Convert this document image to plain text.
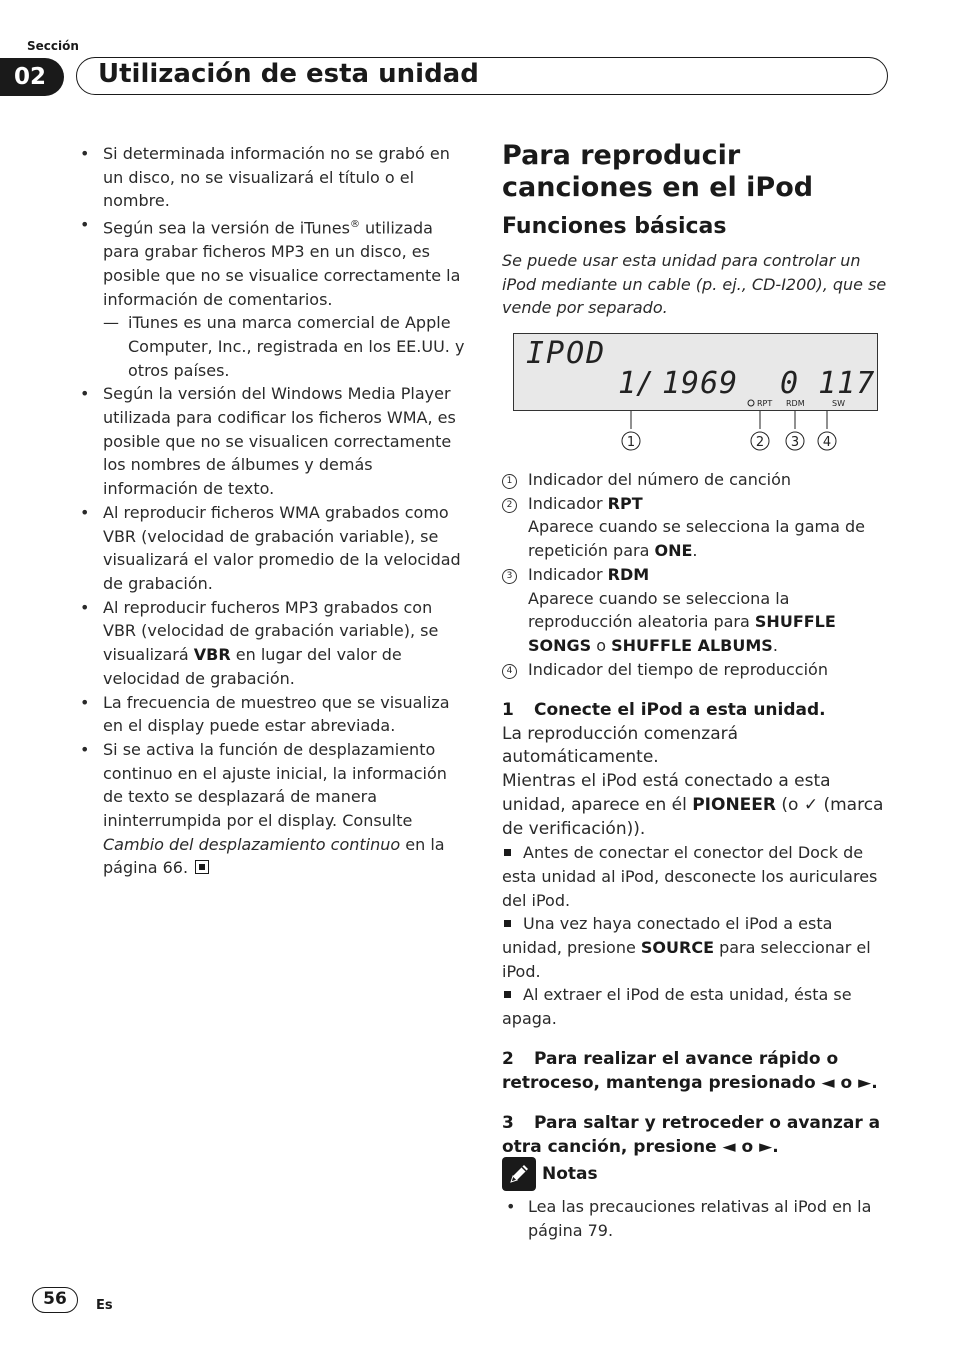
Sección
02	Utilización de esta unidad
• Si determinada información no se grabó en un disco, no se visualizará el título o el nombre.
• Según sea la versión de iTunes® utilizada para grabar ficheros MP3 en un disco, es posible que no se visualice correctamente la información de comentarios.
— iTunes es una marca comercial de Apple Computer, Inc., registrada en los EE.UU. y otros países.
• Según la versión del Windows Media Player utilizada para codificar los ficheros WMA, es posible que no se visualicen correctamente los nombres de álbumes y demás información de texto.
• Al reproducir ficheros WMA grabados como VBR (velocidad de grabación variable), se visualizará el valor promedio de la velocidad de grabación.
• Al reproducir fucheros MP3 grabados con VBR (velocidad de grabación variable), se visualizará VBR en lugar del valor de velocidad de grabación.
• La frecuencia de muestreo que se visualiza en el display puede estar abreviada.
• Si se activa la función de desplazamiento continuo en el ajuste inicial, la información de texto se desplazará de manera ininterrumpida por el display. Consulte Cambio del desplazamiento continuo en la página 66.
Para reproducir canciones en el iPod
Funciones básicas
Se puede usar esta unidad para controlar un iPod mediante un cable (p. ej., CD-I200), que se vende por separado.
IPOD
1/ 1969 0 117
RPT RDM	SW
1	2 3 4
1 Indicador del número de canción
2 Indicador RPT
Aparece cuando se selecciona la gama de repetición para ONE.
3 Indicador RDM
Aparece cuando se selecciona la reproducción aleatoria para SHUFFLE SONGS o SHUFFLE ALBUMS.
4 Indicador del tiempo de reproducción
1 Conecte el iPod a esta unidad.
La reproducción comenzará automáticamente.
Mientras el iPod está conectado a esta unidad, aparece en él PIONEER (o ✓ (marca de verificación)).
Antes de conectar el conector del Dock de esta unidad al iPod, desconecte los auriculares del iPod.
Una vez haya conectado el iPod a esta unidad, presione SOURCE para seleccionar el iPod.
Al extraer el iPod de esta unidad, ésta se apaga.
2 Para realizar el avance rápido o retroceso, mantenga presionado ◄ o ►.
3 Para saltar y retroceder o avanzar a otra canción, presione ◄ o ►.
Notas
• Lea las precauciones relativas al iPod en la página 79.
56	Es
